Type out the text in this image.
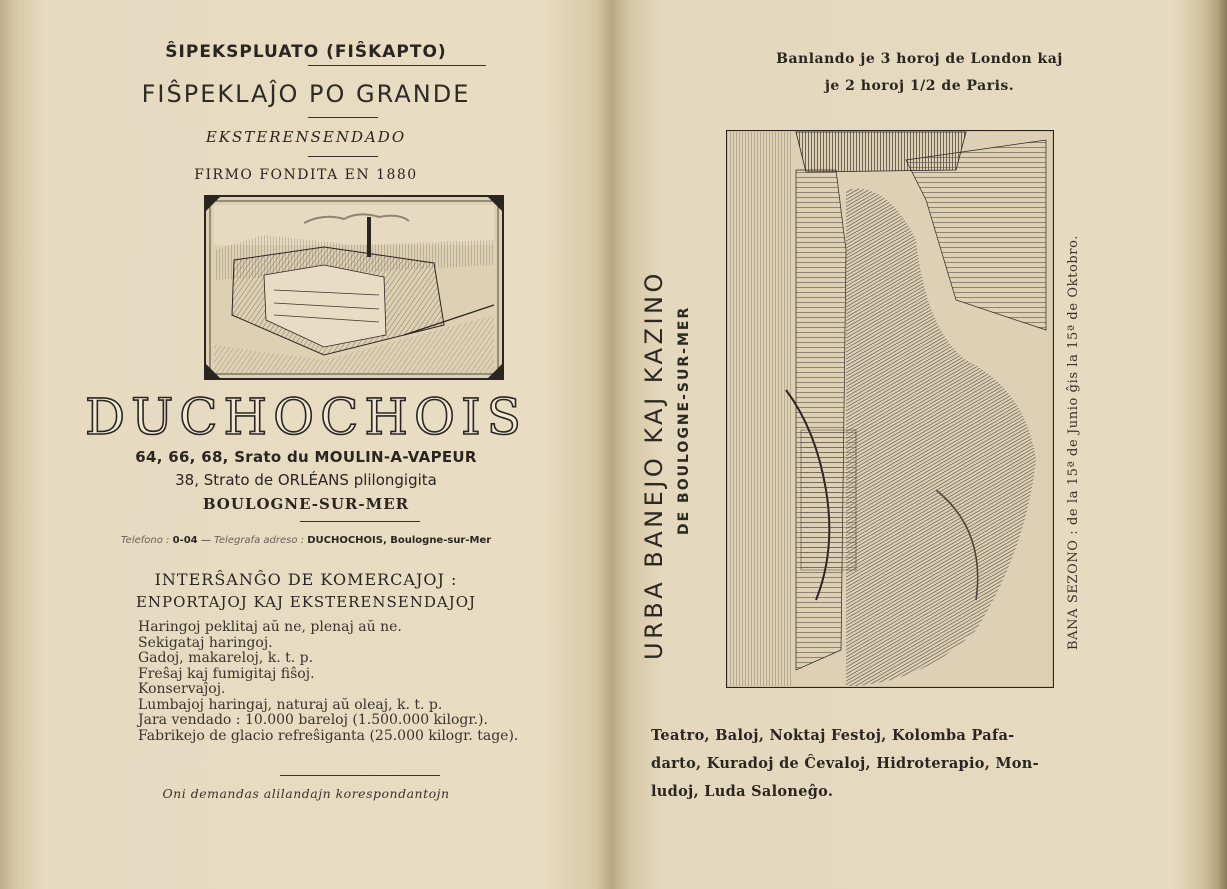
ŜIPEKSPLUATO (FIŜKAPTO)
FIŜPEKLAĴO PO GRANDE
EKSTERENSENDADO
FIRMO FONDITA EN 1880
DUCHOCHOIS
64, 66, 68, Srato du MOULIN-A-VAPEUR
38, Strato de ORLÉANS plilongigita
BOULOGNE-SUR-MER
Telefono : 0-04 — Telegrafa adreso : DUCHOCHOIS, Boulogne-sur-Mer
INTERŜANĜO DE KOMERCAJOJ :
ENPORTAJOJ KAJ EKSTERENSENDAJOJ
Haringoj peklitaj aŭ ne, plenaj aŭ ne.
Sekigataj haringoj.
Gadoj, makareloj, k. t. p.
Freŝaj kaj fumigitaj fiŝoj.
Konservaĵoj.
Lumbajoj haringaj, naturaj aŭ oleaj, k. t. p.
Jara vendado : 10.000 bareloj (1.500.000 kilogr.).
Fabrikejo de glacio refreŝiganta (25.000 kilogr. tage).
Oni demandas alilandajn korespondantojn
Banlando je 3 horoj de London kaj
je 2 horoj 1/2 de Paris.
URBA BANEJO KAJ KAZINO DE BOULOGNE-SUR-MER	BANA SEZONO : de la 15ª de Junio ĝis la 15ª de Oktobro.
Teatro, Baloj, Noktaj Festoj, Kolomba Pafa-
darto, Kuradoj de Ĉevaloj, Hidroterapio, Mon-
ludoj, Luda Saloneĝo.
